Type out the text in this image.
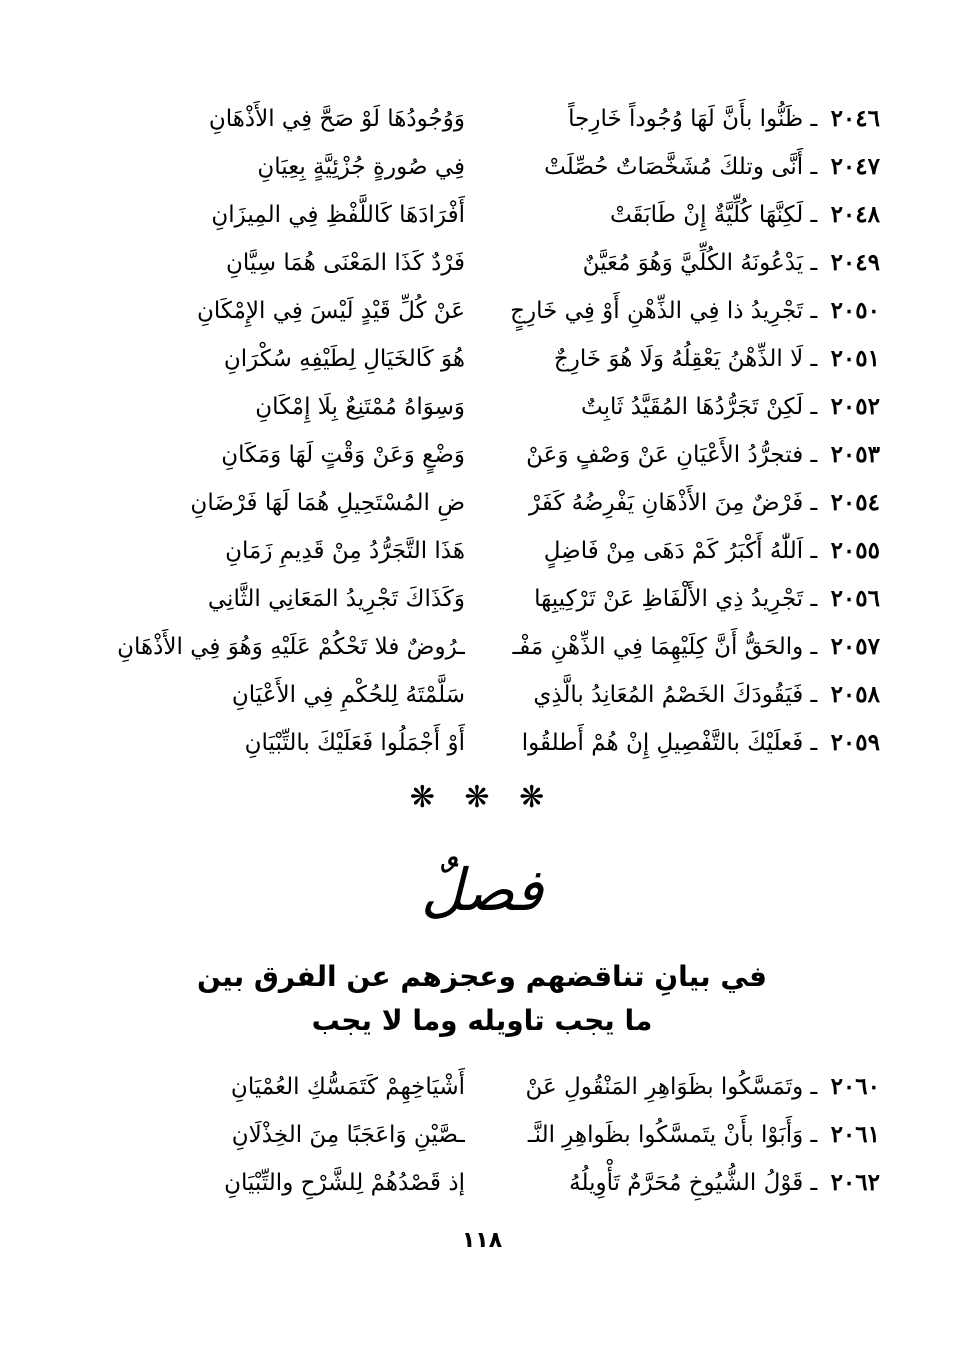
٢٠٤٦ ـ ظَنُّوا بأَنَّ لَهَا وُجُوداً خَارِجاً
وَوُجُودُهَا لَوْ صَحَّ فِي الأَذْهَانِ
٢٠٤٧ ـ أَنَّى وتلكَ مُشَخَّصَاتٌ حُصِّلَتْ
فِي صُورةٍ جُزْئِيَّةٍ بِعِيَانِ
٢٠٤٨ ـ لَكِنَّهَا كُلِّيَّةٌ إِنْ طَابَقَتْ
أَفْرَادَهَا كَاللَّفْظِ فِي المِيزَانِ
٢٠٤٩ ـ يَدْعُونَهُ الكُلِّيَّ وَهُوَ مُعَيَّنٌ
فَرْدٌ كَذَا المَعْنَى هُمَا سِيَّانِ
٢٠٥٠ ـ تَجْرِيدُ ذا فِي الذِّهْنِ أَوْ فِي خَارِجٍ
عَنْ كُلِّ قَيْدٍ لَيْسَ فِي الإِمْكَانِ
٢٠٥١ ـ لَا الذِّهْنُ يَعْقِلُهُ وَلَا هُوَ خَارِجٌ
هُوَ كَالخَيَالِ لِطَيْفِهِ سُكْرَانِ
٢٠٥٢ ـ لَكِنْ تَجَرُّدُهَا المُقَيَّدُ ثَابِتٌ
وَسِوَاهُ مُمْتَنِعٌ بِلَا إِمْكَانِ
٢٠٥٣ ـ فتجرُّدُ الأَعْيَانِ عَنْ وَصْفٍ وَعَنْ
وَضْعٍ وَعَنْ وَقْتٍ لَهَا وَمَكَانِ
٢٠٥٤ ـ فَرْضٌ مِنَ الأَذْهَانِ يَفْرِضُهُ كَفَرْ
ضِ المُسْتَحِيلِ هُمَا لَهَا فَرْضَانِ
٢٠٥٥ ـ اَللّٰهُ أَكْبَرُ كَمْ دَهَى مِنْ فَاضِلٍ
هَذَا التَّجَرُّدُ مِنْ قَدِيمِ زَمَانِ
٢٠٥٦ ـ تَجْرِيدُ ذِي الأَلْفَاظِ عَنْ تَرْكِيبِهَا
وَكَذَاكَ تَجْرِيدُ المَعَانِي الثَّانِي
٢٠٥٧ ـ والحَقُّ أَنَّ كِلَيْهِمَا فِي الذِّهْنِ مَفْـ
ـرُوضٌ فلا تَحْكُمْ عَلَيْهِ وَهُوَ فِي الأَذْهَانِ
٢٠٥٨ ـ فَيَقُودَكَ الخَصْمُ المُعَانِدُ بالَّذِي
سَلَّمْتَهُ لِلحُكْمِ فِي الأَعْيَانِ
٢٠٥٩ ـ فَعلَيْكَ بالتَّفْصِيلِ إِنْ هُمْ أَطلقُوا
أَوْ أَجْمَلُوا فَعَلَيْكَ بالتِّبْيَانِ
❋ ❋ ❋
فصلٌ
في بيانِ تناقضهم وعجزهم عن الفرق بين
ما يجب تاويله وما لا يجب
٢٠٦٠ ـ وتَمَسَّكُوا بظَوَاهِرِ المَنْقُولِ عَنْ
أَشْيَاخِهِمْ كَتَمَسُّكِ العُمْيَانِ
٢٠٦١ ـ وَأَبَوْا بأَنْ يتَمسَّكُوا بظَواهِرِ النَّـ
ـصَّيْنِ وَاعَجَبًا مِنَ الخِذْلَانِ
٢٠٦٢ ـ قَوْلُ الشُّيُوخِ مُحَرَّمٌ تَأْوِيلُهُ
إذ قَصْدُهُمْ لِلشَّرْحِ والتِّبْيَانِ
١١٨
